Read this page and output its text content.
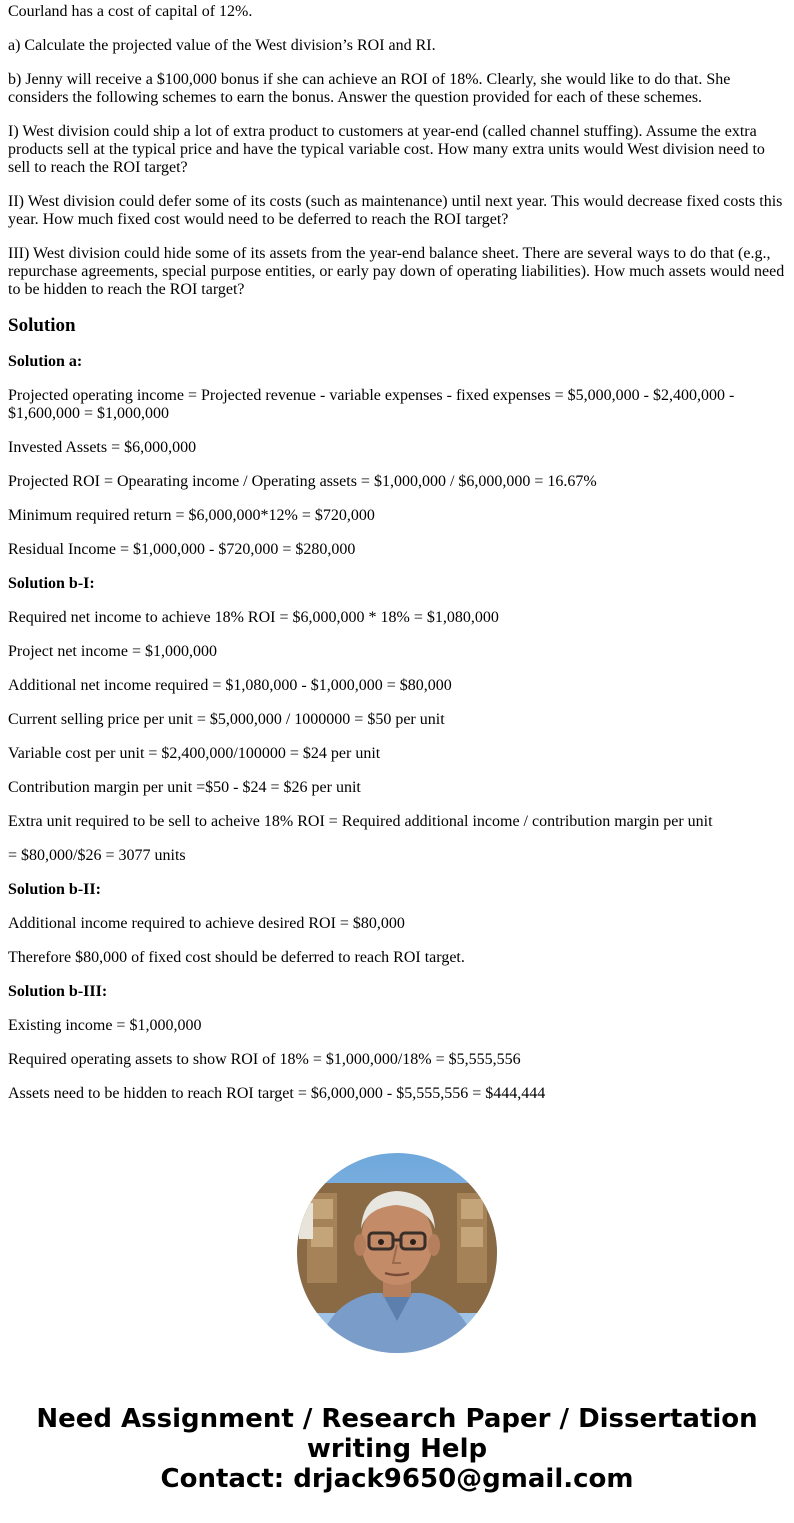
Courland has a cost of capital of 12%.

a) Calculate the projected value of the West division’s ROI and RI.

b) Jenny will receive a $100,000 bonus if she can achieve an ROI of 18%. Clearly, she would like to do that. She considers the following schemes to earn the bonus. Answer the question provided for each of these schemes.

I) West division could ship a lot of extra product to customers at year-end (called channel stuffing). Assume the extra products sell at the typical price and have the typical variable cost. How many extra units would West division need to sell to reach the ROI target?

II) West division could defer some of its costs (such as maintenance) until next year. This would decrease fixed costs this year. How much fixed cost would need to be deferred to reach the ROI target?

III) West division could hide some of its assets from the year-end balance sheet. There are several ways to do that (e.g., repurchase agreements, special purpose entities, or early pay down of operating liabilities). How much assets would need to be hidden to reach the ROI target?

Solution

Solution a:

Projected operating income = Projected revenue - variable expenses - fixed expenses = $5,000,000 - $2,400,000 - $1,600,000 = $1,000,000

Invested Assets = $6,000,000

Projected ROI = Opearating income / Operating assets = $1,000,000 / $6,000,000 = 16.67%

Minimum required return = $6,000,000*12% = $720,000

Residual Income = $1,000,000 - $720,000 = $280,000

Solution b-I:

Required net income to achieve 18% ROI = $6,000,000 * 18% = $1,080,000

Project net income = $1,000,000

Additional net income required = $1,080,000 - $1,000,000 = $80,000

Current selling price per unit = $5,000,000 / 1000000 = $50 per unit

Variable cost per unit = $2,400,000/100000 = $24 per unit

Contribution margin per unit =$50 - $24 = $26 per unit

Extra unit required to be sell to acheive 18% ROI = Required additional income / contribution margin per unit

= $80,000/$26 = 3077 units

Solution b-II:

Additional income required to achieve desired ROI = $80,000

Therefore $80,000 of fixed cost should be deferred to reach ROI target.

Solution b-III:

Existing income = $1,000,000

Required operating assets to show ROI of 18% = $1,000,000/18% = $5,555,556

Assets need to be hidden to reach ROI target = $6,000,000 - $5,555,556 = $444,444

Need Assignment / Research Paper / Dissertation
writing Help
Contact: drjack9650@gmail.com
